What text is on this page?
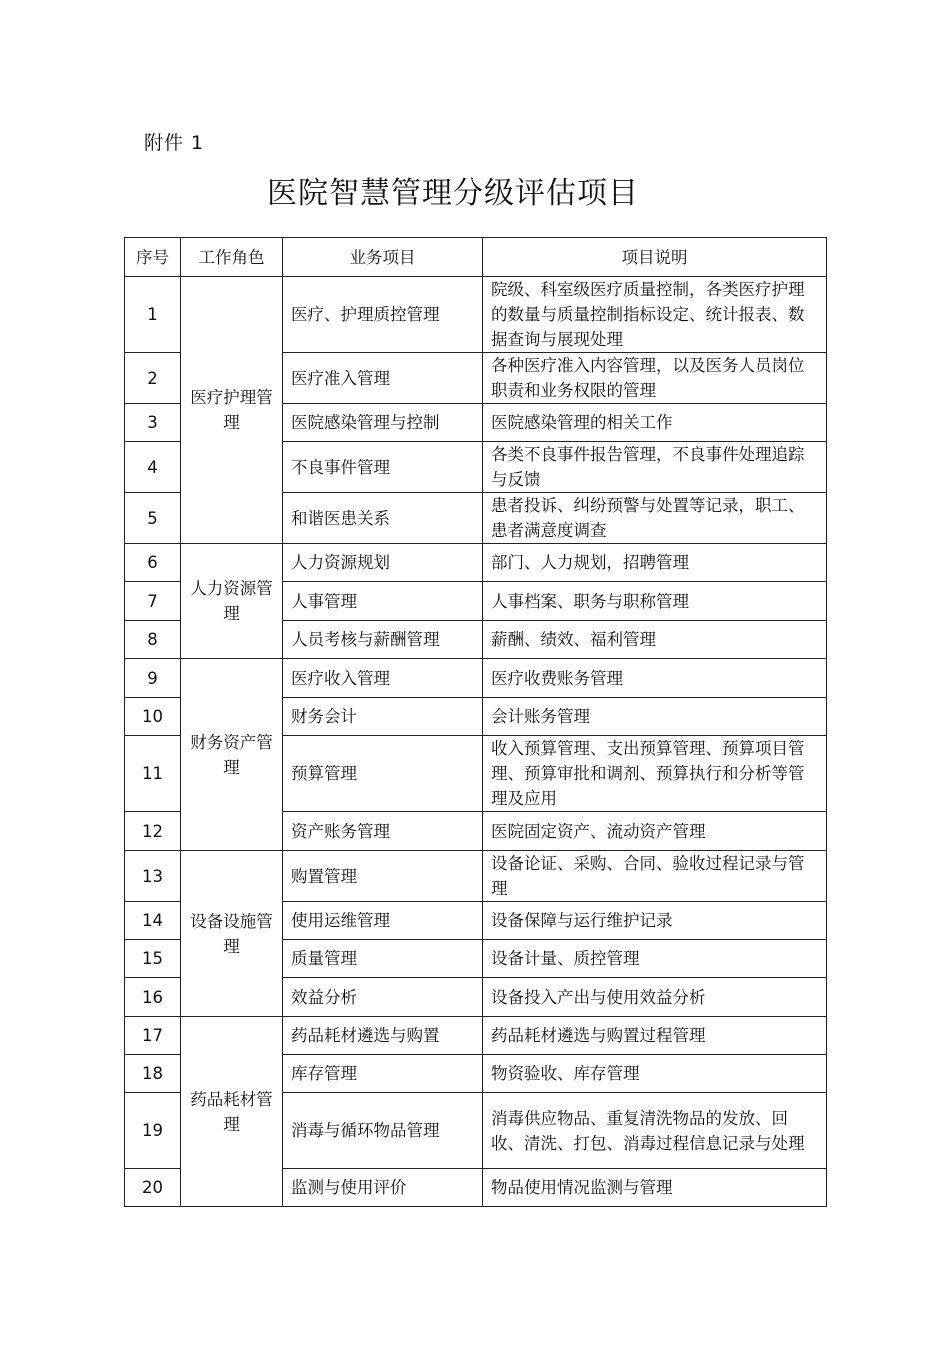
附件 1
医院智慧管理分级评估项目
序号	工作角色	业务项目	项目说明
1	医疗护理管理	医疗、护理质控管理	院级、科室级医疗质量控制，各类医疗护理的数量与质量控制指标设定、统计报表、数据查询与展现处理
2		医疗准入管理	各种医疗准入内容管理，以及医务人员岗位职责和业务权限的管理
3		医院感染管理与控制	医院感染管理的相关工作
4		不良事件管理	各类不良事件报告管理，不良事件处理追踪与反馈
5		和谐医患关系	患者投诉、纠纷预警与处置等记录，职工、患者满意度调查
6	人力资源管理	人力资源规划	部门、人力规划，招聘管理
7		人事管理	人事档案、职务与职称管理
8		人员考核与薪酬管理	薪酬、绩效、福利管理
9	财务资产管理	医疗收入管理	医疗收费账务管理
10		财务会计	会计账务管理
11		预算管理	收入预算管理、支出预算管理、预算项目管理、预算审批和调剂、预算执行和分析等管理及应用
12		资产账务管理	医院固定资产、流动资产管理
13	设备设施管理	购置管理	设备论证、采购、合同、验收过程记录与管理
14		使用运维管理	设备保障与运行维护记录
15		质量管理	设备计量、质控管理
16		效益分析	设备投入产出与使用效益分析
17	药品耗材管理	药品耗材遴选与购置	药品耗材遴选与购置过程管理
18		库存管理	物资验收、库存管理
19		消毒与循环物品管理	消毒供应物品、重复清洗物品的发放、回收、清洗、打包、消毒过程信息记录与处理
20		监测与使用评价	物品使用情况监测与管理
